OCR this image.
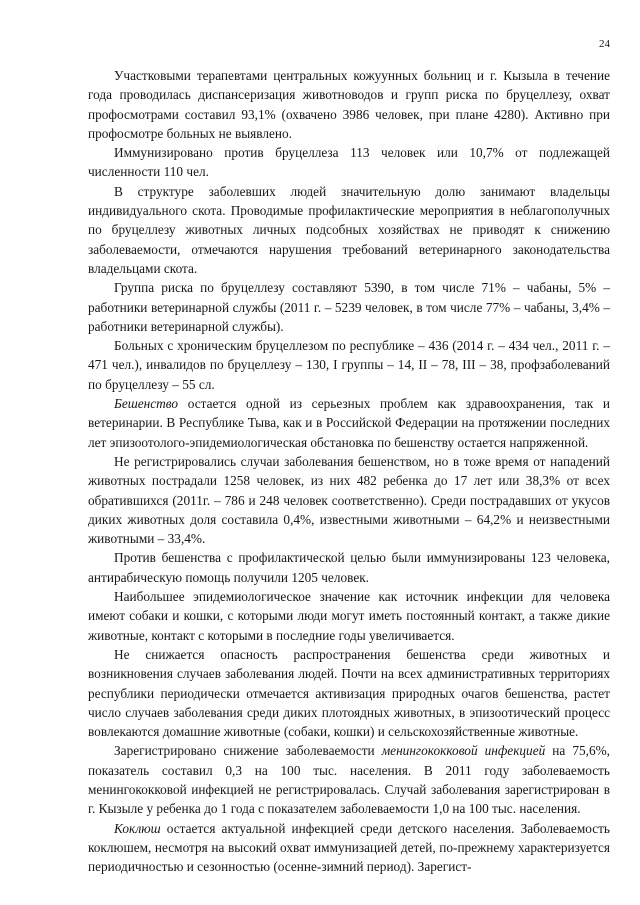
24

Участковыми терапевтами центральных кожуунных больниц и г. Кызыла в течение года проводилась диспансеризация животноводов и групп риска по бруцеллезу, охват профосмотрами составил 93,1% (охвачено 3986 человек, при плане 4280). Активно при профосмотре больных не выявлено.

Иммунизировано против бруцеллеза 113 человек или 10,7% от подлежащей численности 110 чел.

В структуре заболевших людей значительную долю занимают владельцы индивидуального скота. Проводимые профилактические мероприятия в неблагополучных по бруцеллезу животных личных подсобных хозяйствах не приводят к снижению заболеваемости, отмечаются нарушения требований ветеринарного законодательства владельцами скота.

Группа риска по бруцеллезу составляют 5390, в том числе 71% – чабаны, 5% – работники ветеринарной службы (2011 г. – 5239 человек, в том числе 77% – чабаны, 3,4% – работники ветеринарной службы).

Больных с хроническим бруцеллезом по республике – 436 (2014 г. – 434 чел., 2011 г. – 471 чел.), инвалидов по бруцеллезу – 130, I группы – 14, II – 78, III – 38, профзаболеваний по бруцеллезу – 55 сл.

Бешенство остается одной из серьезных проблем как здравоохранения, так и ветеринарии. В Республике Тыва, как и в Российской Федерации на протяжении последних лет эпизоотолого-эпидемиологическая обстановка по бешенству остается напряженной.

Не регистрировались случаи заболевания бешенством, но в тоже время от нападений животных пострадали 1258 человек, из них 482 ребенка до 17 лет или 38,3% от всех обратившихся (2011г. – 786 и 248 человек соответственно). Среди пострадавших от укусов диких животных доля составила 0,4%, известными животными – 64,2% и неизвестными животными – 33,4%.

Против бешенства с профилактической целью были иммунизированы 123 человека, антирабическую помощь получили 1205 человек.

Наибольшее эпидемиологическое значение как источник инфекции для человека имеют собаки и кошки, с которыми люди могут иметь постоянный контакт, а также дикие животные, контакт с которыми в последние годы увеличивается.

Не снижается опасность распространения бешенства среди животных и возникновения случаев заболевания людей. Почти на всех административных территориях республики периодически отмечается активизация природных очагов бешенства, растет число случаев заболевания среди диких плотоядных животных, в эпизоотический процесс вовлекаются домашние животные (собаки, кошки) и сельскохозяйственные животные.

Зарегистрировано снижение заболеваемости менингококковой инфекцией на 75,6%, показатель составил 0,3 на 100 тыс. населения. В 2011 году заболеваемость менингококковой инфекцией не регистрировалась. Случай заболевания зарегистрирован в г. Кызыле у ребенка до 1 года с показателем заболеваемости 1,0 на 100 тыс. населения.

Коклюш остается актуальной инфекцией среди детского населения. Заболеваемость коклюшем, несмотря на высокий охват иммунизацией детей, по-прежнему характеризуется периодичностью и сезонностью (осенне-зимний период). Зарегист-
